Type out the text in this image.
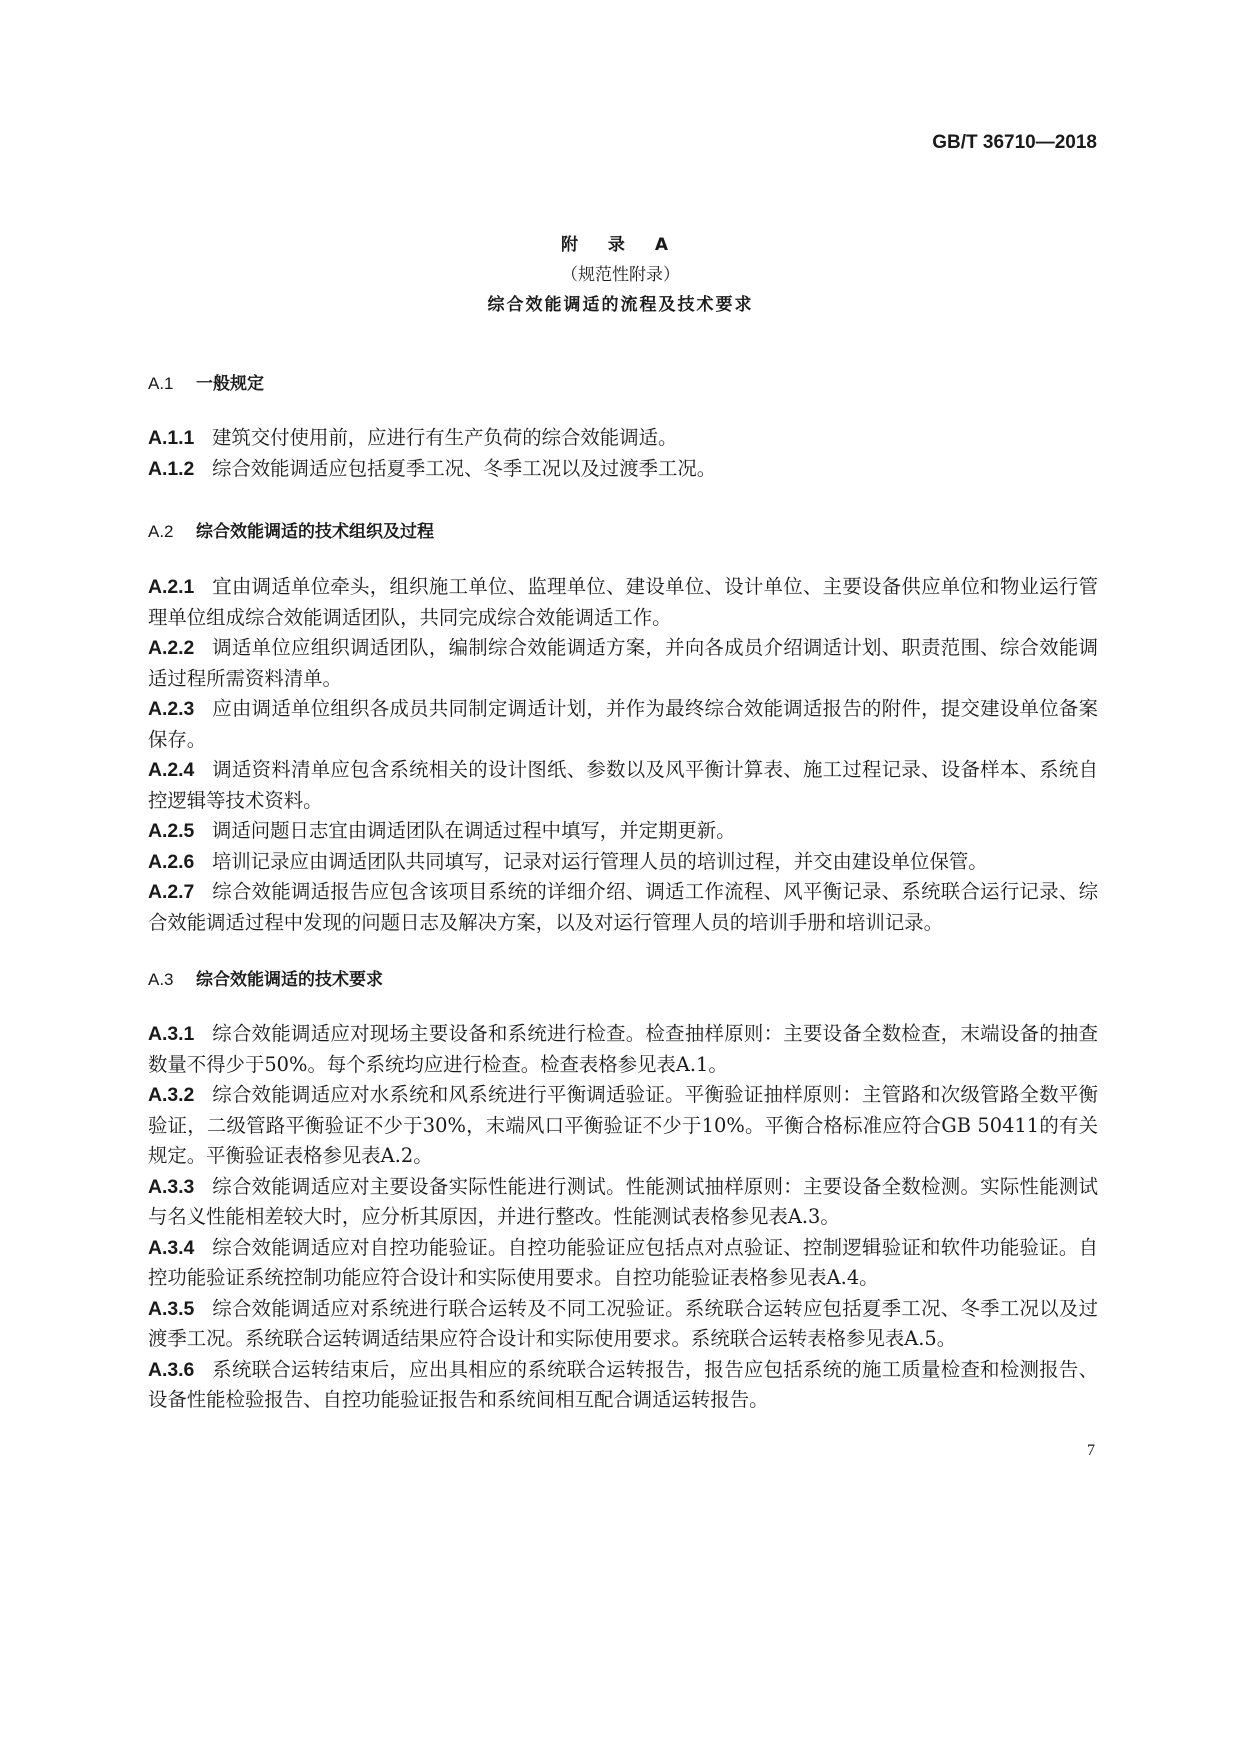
GB/T 36710—2018
附 录 A
（规范性附录）
综合效能调适的流程及技术要求
A.1 一般规定
A.1.1 建筑交付使用前，应进行有生产负荷的综合效能调适。
A.1.2 综合效能调适应包括夏季工况、冬季工况以及过渡季工况。
A.2 综合效能调适的技术组织及过程
A.2.1 宜由调适单位牵头，组织施工单位、监理单位、建设单位、设计单位、主要设备供应单位和物业运行管理单位组成综合效能调适团队，共同完成综合效能调适工作。
A.2.2 调适单位应组织调适团队，编制综合效能调适方案，并向各成员介绍调适计划、职责范围、综合效能调适过程所需资料清单。
A.2.3 应由调适单位组织各成员共同制定调适计划，并作为最终综合效能调适报告的附件，提交建设单位备案保存。
A.2.4 调适资料清单应包含系统相关的设计图纸、参数以及风平衡计算表、施工过程记录、设备样本、系统自控逻辑等技术资料。
A.2.5 调适问题日志宜由调适团队在调适过程中填写，并定期更新。
A.2.6 培训记录应由调适团队共同填写，记录对运行管理人员的培训过程，并交由建设单位保管。
A.2.7 综合效能调适报告应包含该项目系统的详细介绍、调适工作流程、风平衡记录、系统联合运行记录、综合效能调适过程中发现的问题日志及解决方案，以及对运行管理人员的培训手册和培训记录。
A.3 综合效能调适的技术要求
A.3.1 综合效能调适应对现场主要设备和系统进行检查。检查抽样原则：主要设备全数检查，末端设备的抽查数量不得少于50%。每个系统均应进行检查。检查表格参见表A.1。
A.3.2 综合效能调适应对水系统和风系统进行平衡调适验证。平衡验证抽样原则：主管路和次级管路全数平衡验证，二级管路平衡验证不少于30%，末端风口平衡验证不少于10%。平衡合格标准应符合GB 50411的有关规定。平衡验证表格参见表A.2。
A.3.3 综合效能调适应对主要设备实际性能进行测试。性能测试抽样原则：主要设备全数检测。实际性能测试与名义性能相差较大时，应分析其原因，并进行整改。性能测试表格参见表A.3。
A.3.4 综合效能调适应对自控功能验证。自控功能验证应包括点对点验证、控制逻辑验证和软件功能验证。自控功能验证系统控制功能应符合设计和实际使用要求。自控功能验证表格参见表A.4。
A.3.5 综合效能调适应对系统进行联合运转及不同工况验证。系统联合运转应包括夏季工况、冬季工况以及过渡季工况。系统联合运转调适结果应符合设计和实际使用要求。系统联合运转表格参见表A.5。
A.3.6 系统联合运转结束后，应出具相应的系统联合运转报告，报告应包括系统的施工质量检查和检测报告、设备性能检验报告、自控功能验证报告和系统间相互配合调适运转报告。
7
